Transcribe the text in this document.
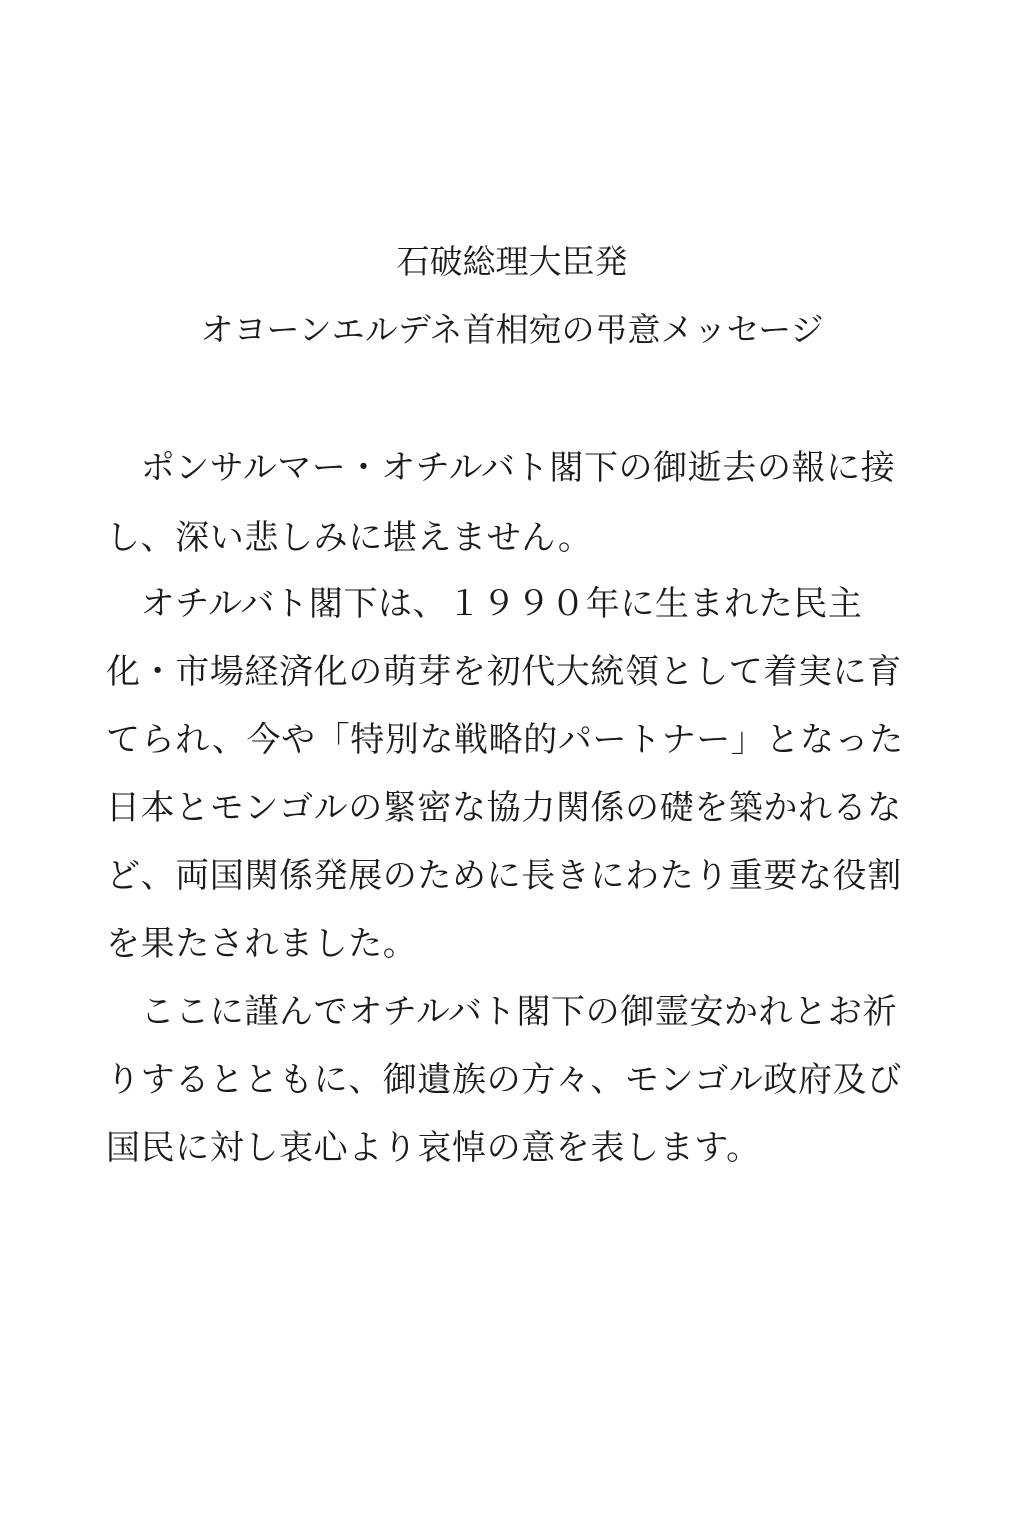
石破総理大臣発
オヨーンエルデネ首相宛の弔意メッセージ
　ポンサルマー・オチルバト閣下の御逝去の報に接
し、深い悲しみに堪えません。
　オチルバト閣下は、１９９０年に生まれた民主
化・市場経済化の萌芽を初代大統領として着実に育
てられ、今や「特別な戦略的パートナー」となった
日本とモンゴルの緊密な協力関係の礎を築かれるな
ど、両国関係発展のために長きにわたり重要な役割
を果たされました。
　ここに謹んでオチルバト閣下の御霊安かれとお祈
りするとともに、御遺族の方々、モンゴル政府及び
国民に対し衷心より哀悼の意を表します。
